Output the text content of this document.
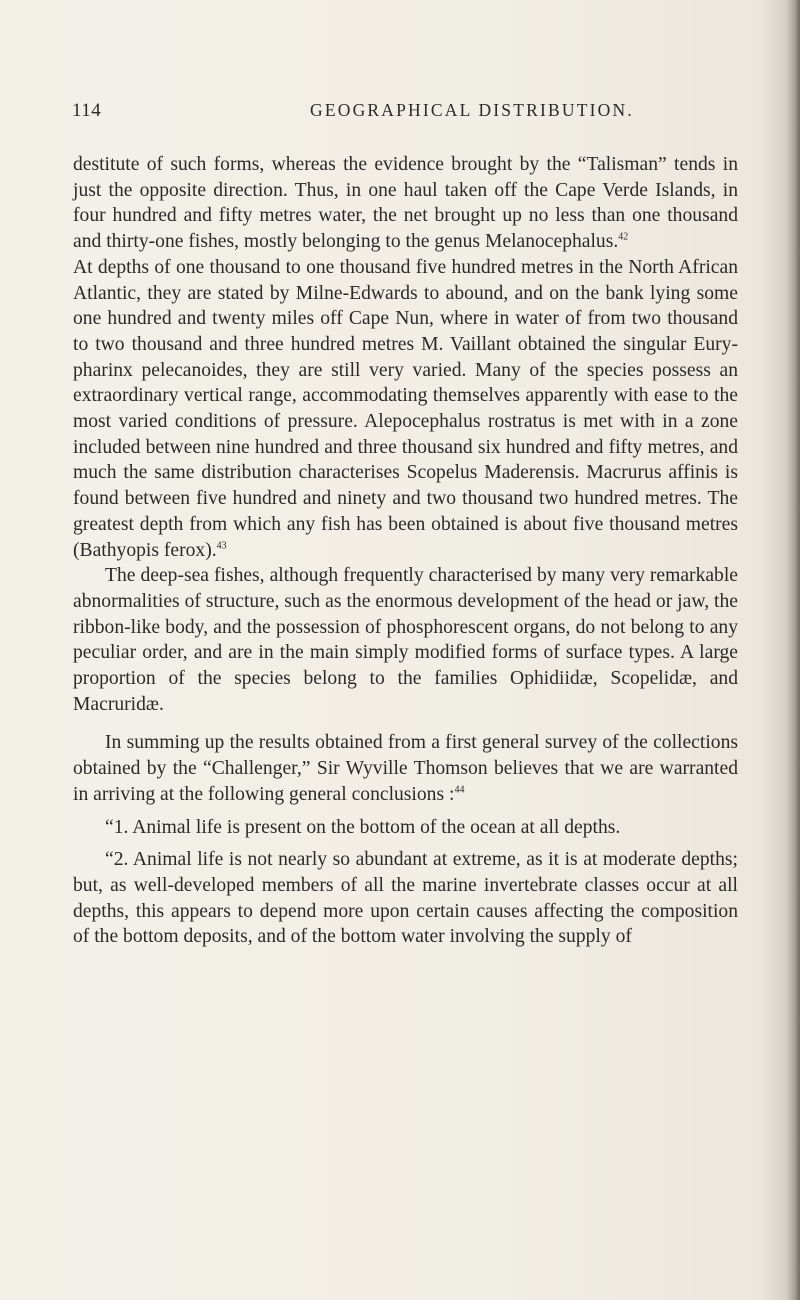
114	GEOGRAPHICAL DISTRIBUTION.

destitute of such forms, whereas the evidence brought by the “Talisman” tends in just the opposite direction. Thus, in one haul taken off the Cape Verde Islands, in four hundred and fifty metres water, the net brought up no less than one thousand and thirty-one fishes, mostly belonging to the genus Melanocephalus.$^{42}$

At depths of one thousand to one thousand five hundred metres in the North African Atlantic, they are stated by Milne-Edwards to abound, and on the bank lying some one hundred and twenty miles off Cape Nun, where in water of from two thousand to two thousand and three hundred metres M. Vaillant obtained the singular Eurypharinx pelecanoides, they are still very varied. Many of the species possess an extraordinary vertical range, accommodating themselves apparently with ease to the most varied conditions of pressure. Alepocephalus rostratus is met with in a zone included between nine hundred and three thousand six hundred and fifty metres, and much the same distribution characterises Scopelus Maderensis. Macrurus affinis is found between five hundred and ninety and two thousand two hundred metres. The greatest depth from which any fish has been obtained is about five thousand metres (Bathyopis ferox).$^{43}$

The deep-sea fishes, although frequently characterised by many very remarkable abnormalities of structure, such as the enormous development of the head or jaw, the ribbon-like body, and the possession of phosphorescent organs, do not belong to any peculiar order, and are in the main simply modified forms of surface types. A large proportion of the species belong to the families Ophidiidæ, Scopelidæ, and Macruridæ.

In summing up the results obtained from a first general survey of the collections obtained by the “Challenger,” Sir Wyville Thomson believes that we are warranted in arriving at the following general conclusions :$^{44}$

“1. Animal life is present on the bottom of the ocean at all depths.

“2. Animal life is not nearly so abundant at extreme, as it is at moderate depths; but, as well-developed members of all the marine invertebrate classes occur at all depths, this appears to depend more upon certain causes affecting the composition of the bottom deposits, and of the bottom water involving the supply of
